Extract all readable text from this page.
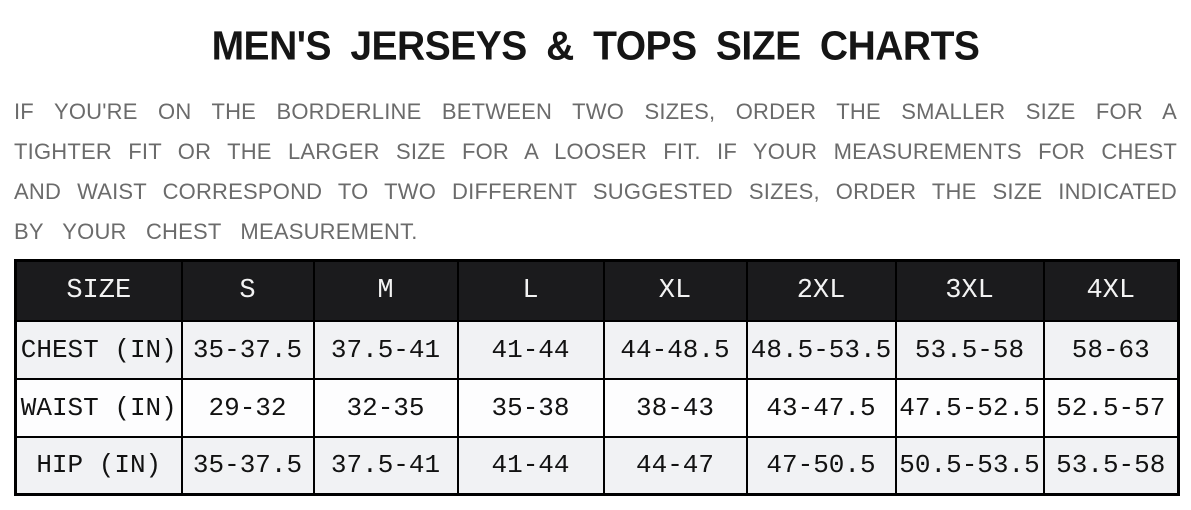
MEN'S JERSEYS & TOPS SIZE CHARTS
IF YOU'RE ON THE BORDERLINE BETWEEN TWO SIZES, ORDER THE SMALLER SIZE FOR A
TIGHTER FIT OR THE LARGER SIZE FOR A LOOSER FIT. IF YOUR MEASUREMENTS FOR CHEST
AND WAIST CORRESPOND TO TWO DIFFERENT SUGGESTED SIZES, ORDER THE SIZE INDICATED
BY YOUR CHEST MEASUREMENT.
SIZE	S	M	L	XL	2XL	3XL	4XL
CHEST (IN)	35-37.5	37.5-41	41-44	44-48.5	48.5-53.5	53.5-58	58-63
WAIST (IN)	29-32	32-35	35-38	38-43	43-47.5	47.5-52.5	52.5-57
HIP (IN)	35-37.5	37.5-41	41-44	44-47	47-50.5	50.5-53.5	53.5-58
